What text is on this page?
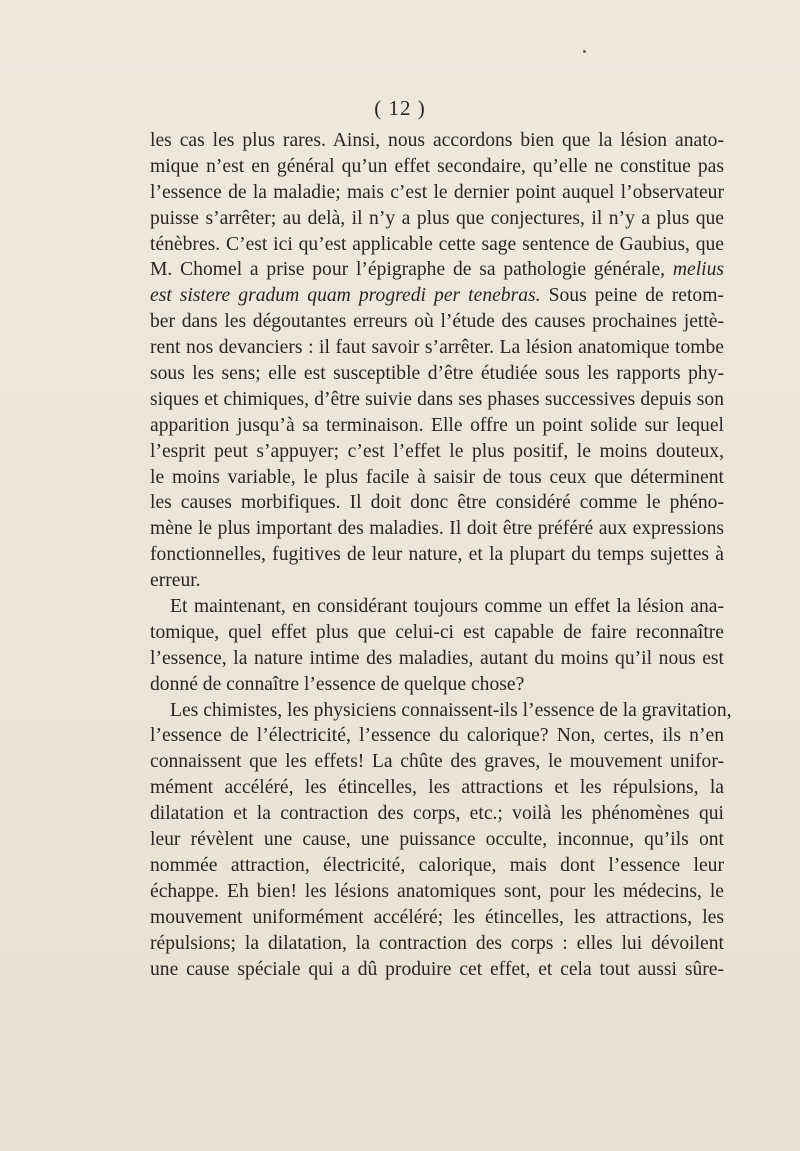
( 12 )
les cas les plus rares. Ainsi, nous accordons bien que la lésion anato-
mique n’est en général qu’un effet secondaire, qu’elle ne constitue pas
l’essence de la maladie; mais c’est le dernier point auquel l’observateur
puisse s’arrêter; au delà, il n’y a plus que conjectures, il n’y a plus que
ténèbres. C’est ici qu’est applicable cette sage sentence de Gaubius, que
M. Chomel a prise pour l’épigraphe de sa pathologie générale, melius
est sistere gradum quam progredi per tenebras. Sous peine de retom-
ber dans les dégoutantes erreurs où l’étude des causes prochaines jettè-
rent nos devanciers : il faut savoir s’arrêter. La lésion anatomique tombe
sous les sens; elle est susceptible d’être étudiée sous les rapports phy-
siques et chimiques, d’être suivie dans ses phases successives depuis son
apparition jusqu’à sa terminaison. Elle offre un point solide sur lequel
l’esprit peut s’appuyer; c’est l’effet le plus positif, le moins douteux,
le moins variable, le plus facile à saisir de tous ceux que déterminent
les causes morbifiques. Il doit donc être considéré comme le phéno-
mène le plus important des maladies. Il doit être préféré aux expressions
fonctionnelles, fugitives de leur nature, et la plupart du temps sujettes à
erreur.
Et maintenant, en considérant toujours comme un effet la lésion ana-
tomique, quel effet plus que celui-ci est capable de faire reconnaître
l’essence, la nature intime des maladies, autant du moins qu’il nous est
donné de connaître l’essence de quelque chose?
Les chimistes, les physiciens connaissent-ils l’essence de la gravitation,
l’essence de l’électricité, l’essence du calorique? Non, certes, ils n’en
connaissent que les effets! La chûte des graves, le mouvement unifor-
mément accéléré, les étincelles, les attractions et les répulsions, la
dilatation et la contraction des corps, etc.; voilà les phénomènes qui
leur révèlent une cause, une puissance occulte, inconnue, qu’ils ont
nommée attraction, électricité, calorique, mais dont l’essence leur
échappe. Eh bien! les lésions anatomiques sont, pour les médecins, le
mouvement uniformément accéléré; les étincelles, les attractions, les
répulsions; la dilatation, la contraction des corps : elles lui dévoilent
une cause spéciale qui a dû produire cet effet, et cela tout aussi sûre-
